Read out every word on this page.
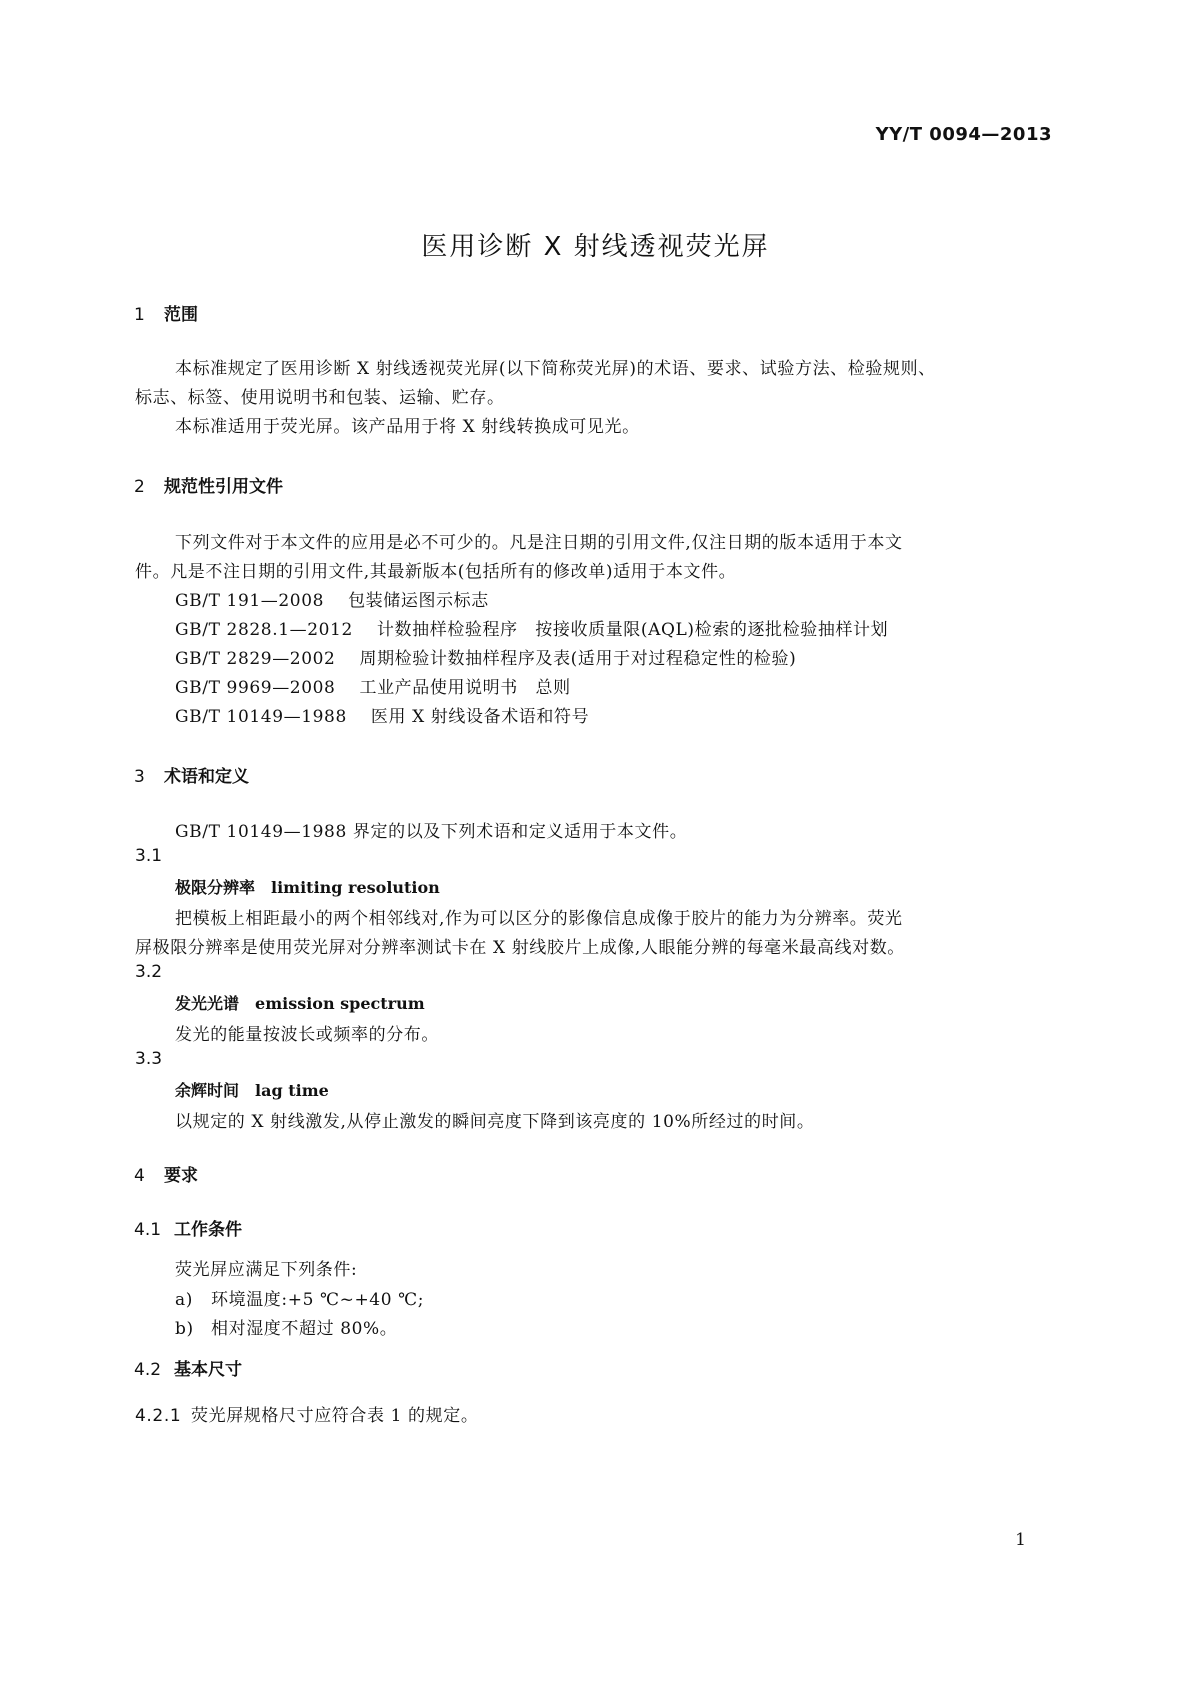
YY/T 0094—2013
医用诊断 X 射线透视荧光屏
1 范围
本标准规定了医用诊断 X 射线透视荧光屏(以下简称荧光屏)的术语、要求、试验方法、检验规则、
标志、标签、使用说明书和包装、运输、贮存。
本标准适用于荧光屏。该产品用于将 X 射线转换成可见光。
2 规范性引用文件
下列文件对于本文件的应用是必不可少的。凡是注日期的引用文件,仅注日期的版本适用于本文
件。凡是不注日期的引用文件,其最新版本(包括所有的修改单)适用于本文件。
GB/T 191—2008 包装储运图示标志
GB/T 2828.1—2012 计数抽样检验程序　按接收质量限(AQL)检索的逐批检验抽样计划
GB/T 2829—2002 周期检验计数抽样程序及表(适用于对过程稳定性的检验)
GB/T 9969—2008 工业产品使用说明书　总则
GB/T 10149—1988 医用 X 射线设备术语和符号
3 术语和定义
GB/T 10149—1988 界定的以及下列术语和定义适用于本文件。
3.1
极限分辨率 limiting resolution
把模板上相距最小的两个相邻线对,作为可以区分的影像信息成像于胶片的能力为分辨率。荧光
屏极限分辨率是使用荧光屏对分辨率测试卡在 X 射线胶片上成像,人眼能分辨的每毫米最高线对数。
3.2
发光光谱 emission spectrum
发光的能量按波长或频率的分布。
3.3
余辉时间 lag time
以规定的 X 射线激发,从停止激发的瞬间亮度下降到该亮度的 10%所经过的时间。
4 要求
4.1 工作条件
荧光屏应满足下列条件:
a) 环境温度:+5 ℃~+40 ℃;
b) 相对湿度不超过 80%。
4.2 基本尺寸
4.2.1 荧光屏规格尺寸应符合表 1 的规定。
1
